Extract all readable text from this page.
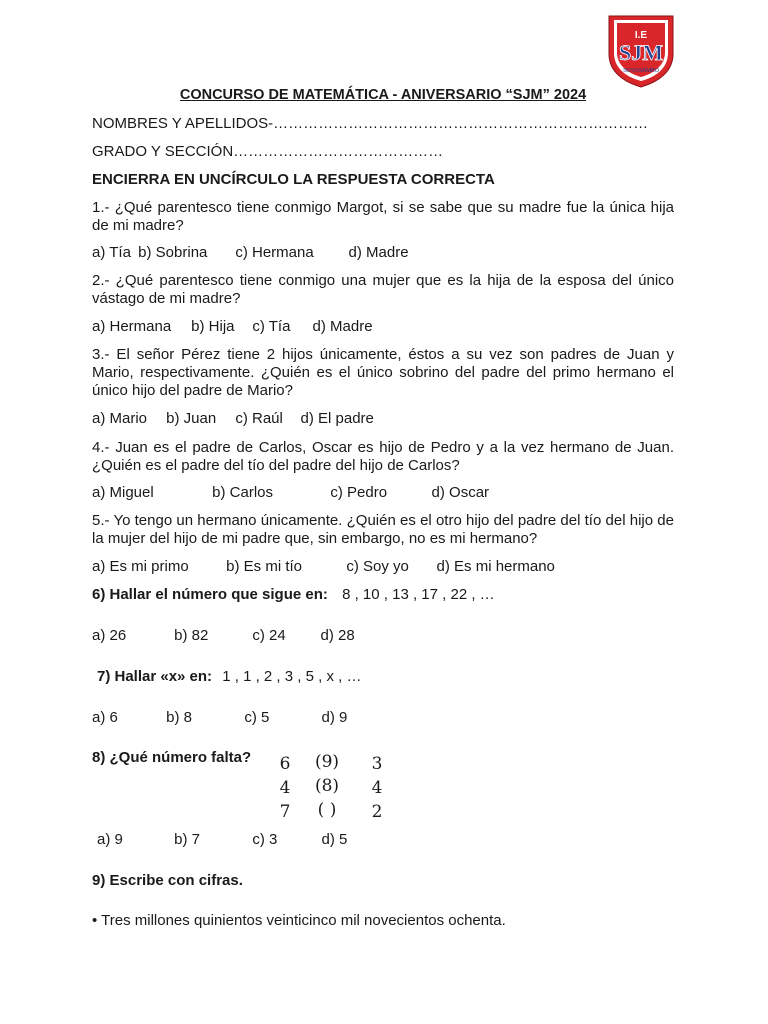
I.E
SJM
SOYOSAMBO
CONCURSO DE MATEMÁTICA - ANIVERSARIO “SJM” 2024
NOMBRES Y APELLIDOS-…………………………………………………………………
GRADO Y SECCIÓN……………………………………
ENCIERRA EN UNCÍRCULO LA RESPUESTA CORRECTA
1.- ¿Qué parentesco tiene conmigo Margot, si se sabe que su madre fue la única hija de mi madre?
a) Tía b) Sobrina c) Hermana d) Madre
2.- ¿Qué parentesco tiene conmigo una mujer que es la hija de la esposa del único vástago de mi madre?
a) Hermana b) Hija c) Tía d) Madre
3.- El señor Pérez tiene 2 hijos únicamente, éstos a su vez son padres de Juan y Mario, respectivamente. ¿Quién es el único sobrino del padre del primo hermano el único hijo del padre de Mario?
a) Mario b) Juan c) Raúl d) El padre
4.- Juan es el padre de Carlos, Oscar es hijo de Pedro y a la vez hermano de Juan. ¿Quién es el padre del tío del padre del hijo de Carlos?
a) Miguel	b) Carlos	c) Pedro	d) Oscar
5.- Yo tengo un hermano únicamente. ¿Quién es el otro hijo del padre del tío del hijo de la mujer del hijo de mi padre que, sin embargo, no es mi hermano?
a) Es mi primo b) Es mi tío	c) Soy yo d) Es mi hermano
6) Hallar el número que sigue en: 8 , 10 , 13 , 17 , 22 , …
a) 26	b) 82	c) 24 d) 28
7) Hallar «x» en: 1 , 1 , 2 , 3 , 5 , x , …
a) 6	b) 8	c) 5	d) 9
8) ¿Qué número falta?	6	(9)	3
4	(8)	4
7	( )	2
a) 9	b) 7	c) 3	d) 5
9) Escribe con cifras.
• Tres millones quinientos veinticinco mil novecientos ochenta.
